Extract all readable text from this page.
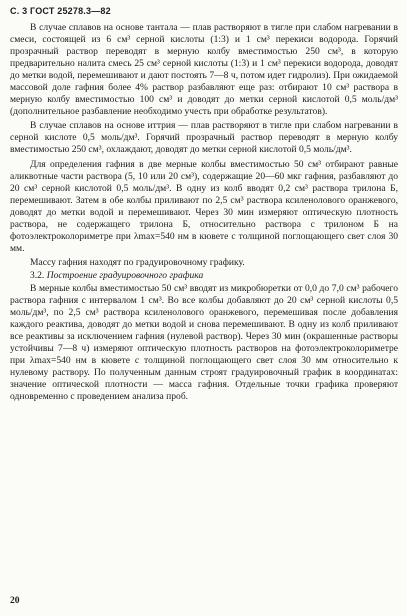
С. 3 ГОСТ 25278.3—82

В случае сплавов на основе тантала — плав растворяют в тигле при слабом нагревании в смеси, состоящей из 6 см³ серной кислоты (1:3) и 1 см³ перекиси водорода. Горячий прозрачный раствор переводят в мерную колбу вместимостью 250 см³, в которую предварительно налита смесь 25 см³ серной кислоты (1:3) и 1 см³ перекиси водорода, доводят до метки водой, перемешивают и дают постоять 7—8 ч, потом идет гидролиз). При ожидаемой массовой доле гафния более 4% раствор разбавляют еще раз: отбирают 10 см³ раствора в мерную колбу вместимостью 100 см³ и доводят до метки серной кислотой 0,5 моль/дм³ (дополнительное разбавление необходимо учесть при обработке результатов).

В случае сплавов на основе иттрия — плав растворяют в тигле при слабом нагревании в серной кислоте 0,5 моль/дм³. Горячий прозрачный раствор переводят в мерную колбу вместимостью 250 см³, охлаждают, доводят до метки серной кислотой 0,5 моль/дм³.

Для определения гафния в две мерные колбы вместимостью 50 см³ отбирают равные аликвотные части раствора (5, 10 или 20 см³), содержащие 20—60 мкг гафния, разбавляют до 20 см³ серной кислотой 0,5 моль/дм³. В одну из колб вводят 0,2 см³ раствора трилона Б, перемешивают. Затем в обе колбы приливают по 2,5 см³ раствора ксиленолового оранжевого, доводят до метки водой и перемешивают. Через 30 мин измеряют оптическую плотность раствора, не содержащего трилона Б, относительно раствора с трилоном Б на фотоэлектроколориметре при λmax=540 нм в кювете с толщиной поглощающего свет слоя 30 мм.

Массу гафния находят по градуировочному графику.

3.2. Построение градуировочного графика

В мерные колбы вместимостью 50 см³ вводят из микробюретки от 0,0 до 7,0 см³ рабочего раствора гафния с интервалом 1 см³. Во все колбы добавляют до 20 см³ серной кислоты 0,5 моль/дм³, по 2,5 см³ раствора ксиленолового оранжевого, перемешивая после добавления каждого реактива, доводят до метки водой и снова перемешивают. В одну из колб приливают все реактивы за исключением гафния (нулевой раствор). Через 30 мин (окрашенные растворы устойчивы 7—8 ч) измеряют оптическую плотность растворов на фотоэлектроколориметре при λmax=540 нм в кювете с толщиной поглощающего свет слоя 30 мм относительно к нулевому раствору. По полученным данным строят градуировочный график в координатах: значение оптической плотности — масса гафния. Отдельные точки графика проверяют одновременно с проведением анализа проб.

20
